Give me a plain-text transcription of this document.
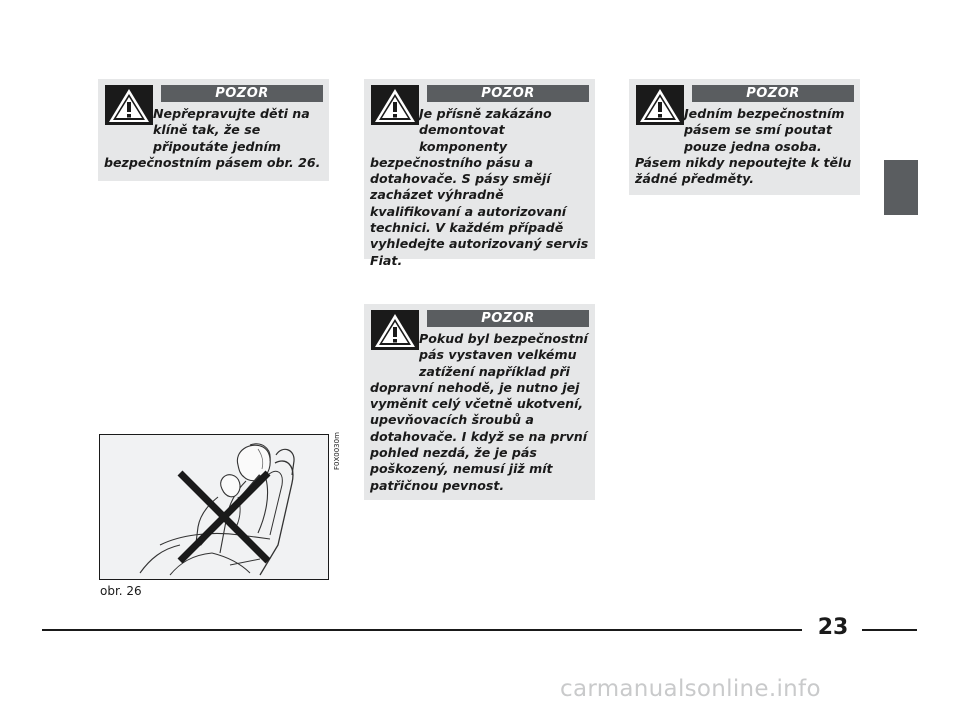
POZOR
Nepřepravujte děti na klíně tak, že se připoutáte jedním bezpečnostním pásem obr. 26.
POZOR
Je přísně zakázáno demontovat komponenty bezpečnostního pásu a dotahovače. S pásy smějí zacházet výhradně kvalifikovaní a autorizovaní technici. V každém případě vyhledejte autorizovaný servis Fiat.
POZOR
Jedním bezpečnostním pásem se smí poutat pouze jedna osoba. Pásem nikdy nepoutejte k tělu žádné předměty.
POZOR
Pokud byl bezpečnostní pás vystaven velkému zatížení například při dopravní nehodě, je nutno jej vyměnit celý včetně ukotvení, upevňovacích šroubů a dotahovače. I když se na první pohled nezdá, že je pás poškozený, nemusí již mít patřičnou pevnost.
F0X0030m
obr. 26
23
carmanualsonline.info
